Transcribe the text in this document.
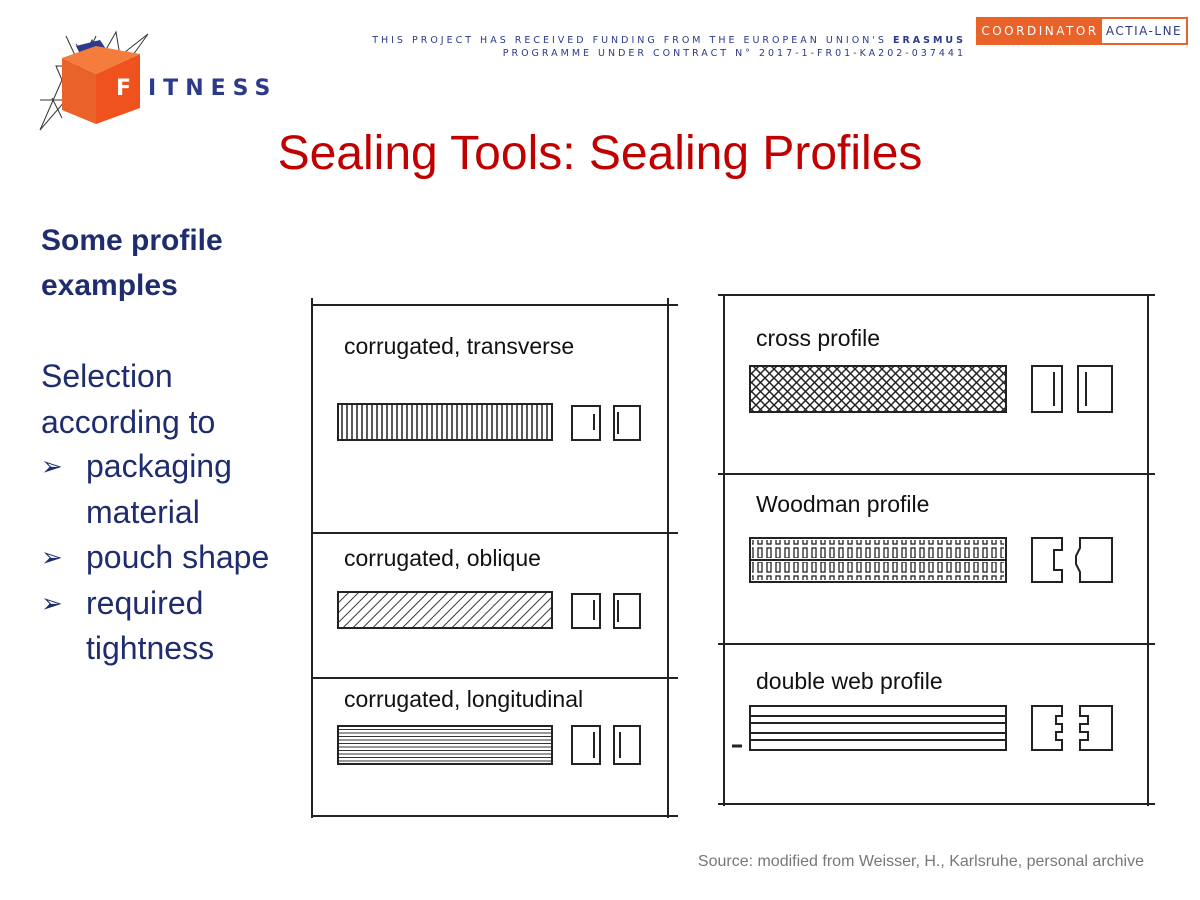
THIS PROJECT HAS RECEIVED FUNDING FROM THE EUROPEAN UNION'S ERASMUS
PROGRAMME UNDER CONTRACT N° 2017-1-FR01-KA202-037441
COORDINATOR ACTIA-LNE
F ITNESS
Sealing Tools: Sealing Profiles
Some profile examples
Selection according to
➢ packaging material
➢ pouch shape
➢ required tightness
corrugated, transverse
corrugated, oblique
corrugated, longitudinal
cross profile
Woodman profile
double web profile
Source: modified from Weisser, H., Karlsruhe, personal archive
